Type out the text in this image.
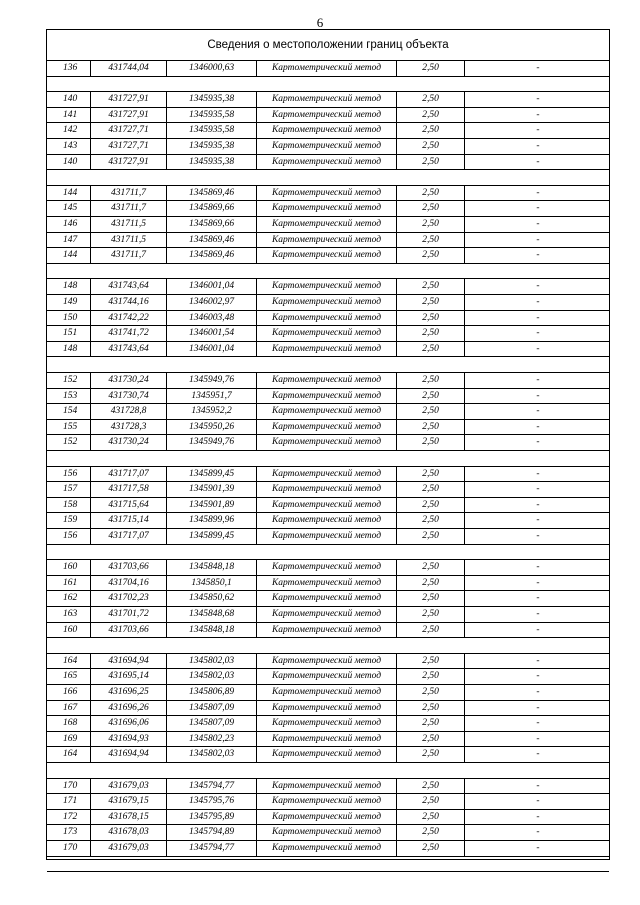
6
Сведения о местоположении границ объекта
136	431744,04	1346000,63	Картометрический метод	2,50	-
140	431727,91	1345935,38	Картометрический метод	2,50	-
141	431727,91	1345935,58	Картометрический метод	2,50	-
142	431727,71	1345935,58	Картометрический метод	2,50	-
143	431727,71	1345935,38	Картометрический метод	2,50	-
140	431727,91	1345935,38	Картометрический метод	2,50	-
144	431711,7	1345869,46	Картометрический метод	2,50	-
145	431711,7	1345869,66	Картометрический метод	2,50	-
146	431711,5	1345869,66	Картометрический метод	2,50	-
147	431711,5	1345869,46	Картометрический метод	2,50	-
144	431711,7	1345869,46	Картометрический метод	2,50	-
148	431743,64	1346001,04	Картометрический метод	2,50	-
149	431744,16	1346002,97	Картометрический метод	2,50	-
150	431742,22	1346003,48	Картометрический метод	2,50	-
151	431741,72	1346001,54	Картометрический метод	2,50	-
148	431743,64	1346001,04	Картометрический метод	2,50	-
152	431730,24	1345949,76	Картометрический метод	2,50	-
153	431730,74	1345951,7	Картометрический метод	2,50	-
154	431728,8	1345952,2	Картометрический метод	2,50	-
155	431728,3	1345950,26	Картометрический метод	2,50	-
152	431730,24	1345949,76	Картометрический метод	2,50	-
156	431717,07	1345899,45	Картометрический метод	2,50	-
157	431717,58	1345901,39	Картометрический метод	2,50	-
158	431715,64	1345901,89	Картометрический метод	2,50	-
159	431715,14	1345899,96	Картометрический метод	2,50	-
156	431717,07	1345899,45	Картометрический метод	2,50	-
160	431703,66	1345848,18	Картометрический метод	2,50	-
161	431704,16	1345850,1	Картометрический метод	2,50	-
162	431702,23	1345850,62	Картометрический метод	2,50	-
163	431701,72	1345848,68	Картометрический метод	2,50	-
160	431703,66	1345848,18	Картометрический метод	2,50	-
164	431694,94	1345802,03	Картометрический метод	2,50	-
165	431695,14	1345802,03	Картометрический метод	2,50	-
166	431696,25	1345806,89	Картометрический метод	2,50	-
167	431696,26	1345807,09	Картометрический метод	2,50	-
168	431696,06	1345807,09	Картометрический метод	2,50	-
169	431694,93	1345802,23	Картометрический метод	2,50	-
164	431694,94	1345802,03	Картометрический метод	2,50	-
170	431679,03	1345794,77	Картометрический метод	2,50	-
171	431679,15	1345795,76	Картометрический метод	2,50	-
172	431678,15	1345795,89	Картометрический метод	2,50	-
173	431678,03	1345794,89	Картометрический метод	2,50	-
170	431679,03	1345794,77	Картометрический метод	2,50	-
